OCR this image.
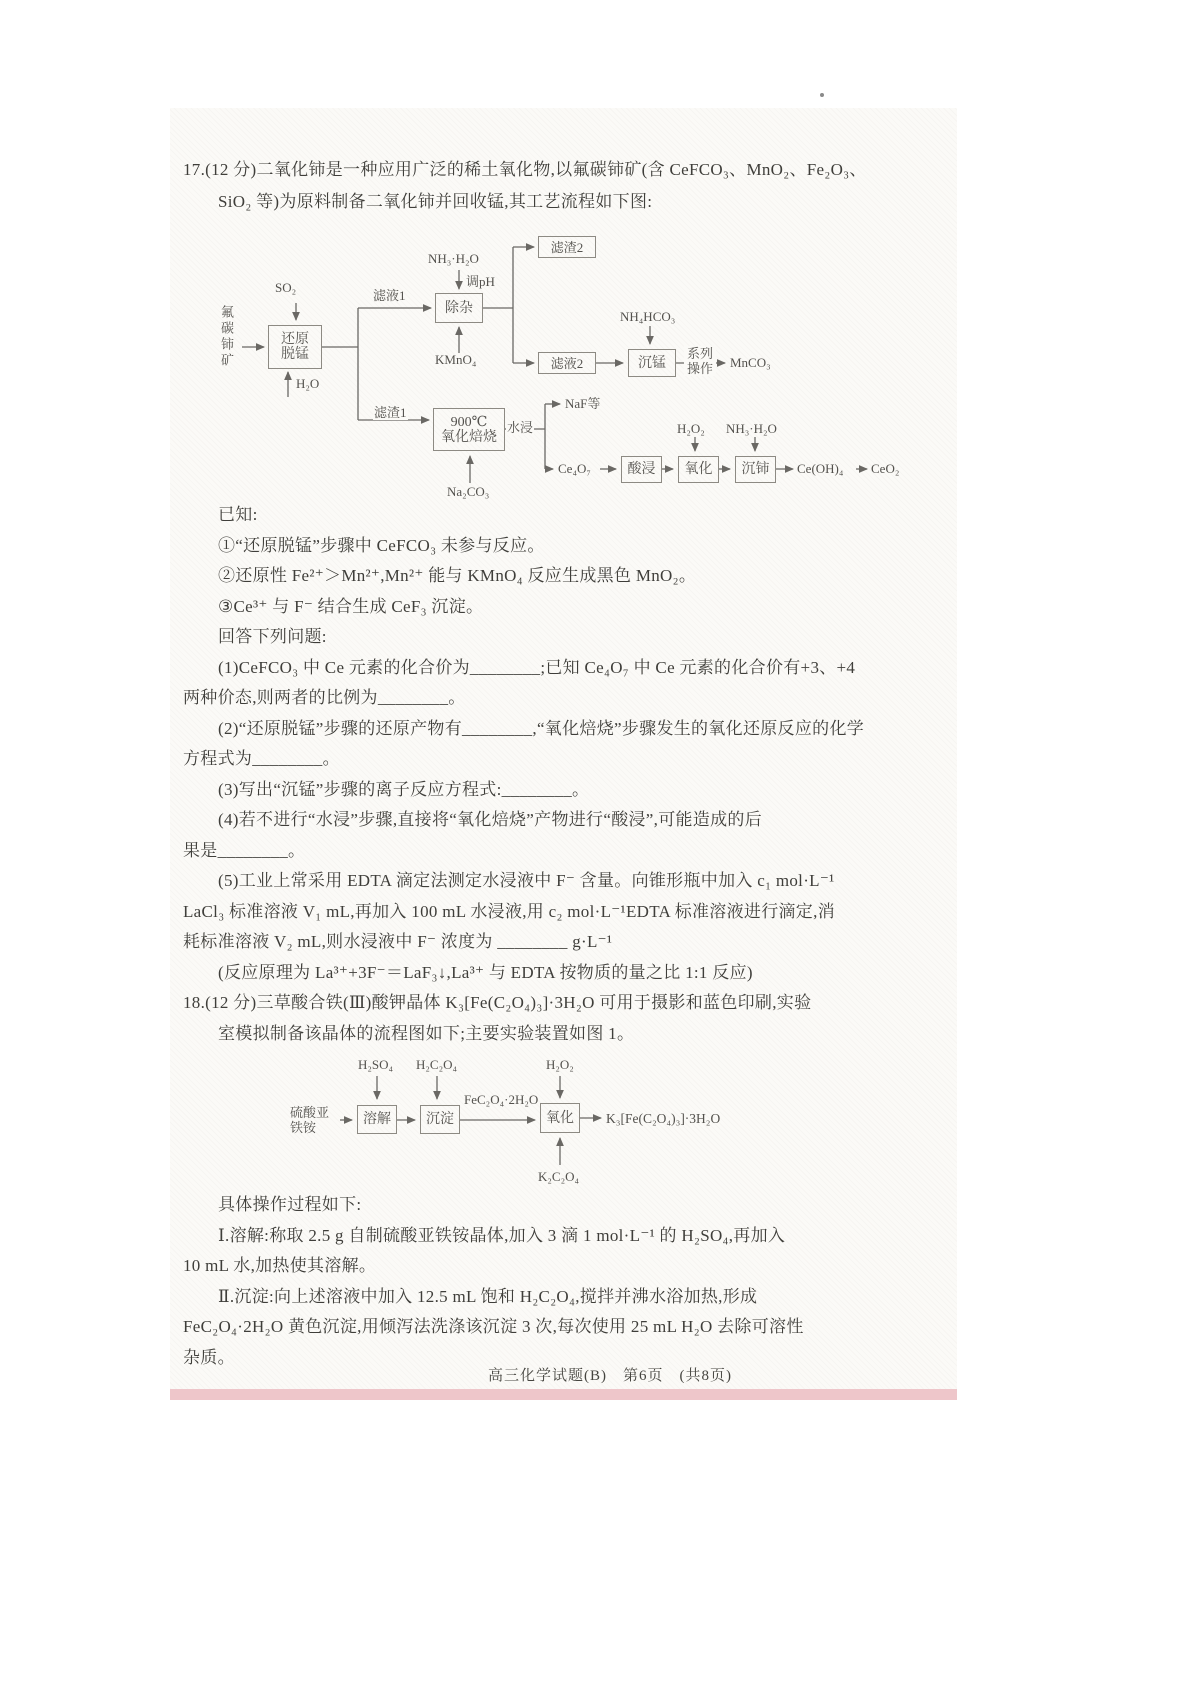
17.(12 分)二氧化铈是一种应用广泛的稀土氧化物,以氟碳铈矿(含 CeFCO₃、MnO₂、Fe₂O₃、
SiO₂ 等)为原料制备二氧化铈并回收锰,其工艺流程如下图:
氟碳铈矿
SO₂
H₂O
还原脱锰
滤液1
NH₃·H₂O
调pH
除杂
KMnO₄
滤渣2
滤液2
NH₄HCO₃
沉锰
系列操作 MnCO₃
滤渣1
900℃
氧化焙烧
Na₂CO₃
水浸
NaF等
Ce₄O₇	酸浸
H₂O₂
氧化
NH₃·H₂O
沉铈	Ce(OH)₄ CeO₂
已知:
①“还原脱锰”步骤中 CeFCO₃ 未参与反应。
②还原性 Fe²⁺＞Mn²⁺,Mn²⁺ 能与 KMnO₄ 反应生成黑色 MnO₂。
③Ce³⁺ 与 F⁻ 结合生成 CeF₃ 沉淀。
回答下列问题:
(1)CeFCO₃ 中 Ce 元素的化合价为________;已知 Ce₄O₇ 中 Ce 元素的化合价有+3、+4
两种价态,则两者的比例为________。
(2)“还原脱锰”步骤的还原产物有________,“氧化焙烧”步骤发生的氧化还原反应的化学
方程式为________。
(3)写出“沉锰”步骤的离子反应方程式:________。
(4)若不进行“水浸”步骤,直接将“氧化焙烧”产物进行“酸浸”,可能造成的后
果是________。
(5)工业上常采用 EDTA 滴定法测定水浸液中 F⁻ 含量。向锥形瓶中加入 c₁ mol·L⁻¹
LaCl₃ 标准溶液 V₁ mL,再加入 100 mL 水浸液,用 c₂ mol·L⁻¹EDTA 标准溶液进行滴定,消
耗标准溶液 V₂ mL,则水浸液中 F⁻ 浓度为 ________ g·L⁻¹
(反应原理为 La³⁺+3F⁻＝LaF₃↓,La³⁺ 与 EDTA 按物质的量之比 1:1 反应)
18.(12 分)三草酸合铁(Ⅲ)酸钾晶体 K₃[Fe(C₂O₄)₃]·3H₂O 可用于摄影和蓝色印刷,实验
室模拟制备该晶体的流程图如下;主要实验装置如图 1。
硫酸亚铁铵
H₂SO₄
溶解
H₂C₂O₄
沉淀
FeC₂O₄·2H₂O
H₂O₂
氧化
K₂C₂O₄
K₃[Fe(C₂O₄)₃]·3H₂O
具体操作过程如下:
Ⅰ.溶解:称取 2.5 g 自制硫酸亚铁铵晶体,加入 3 滴 1 mol·L⁻¹ 的 H₂SO₄,再加入
10 mL 水,加热使其溶解。
Ⅱ.沉淀:向上述溶液中加入 12.5 mL 饱和 H₂C₂O₄,搅拌并沸水浴加热,形成
FeC₂O₄·2H₂O 黄色沉淀,用倾泻法洗涤该沉淀 3 次,每次使用 25 mL H₂O 去除可溶性
杂质。
高三化学试题(B)　第6页　(共8页)
